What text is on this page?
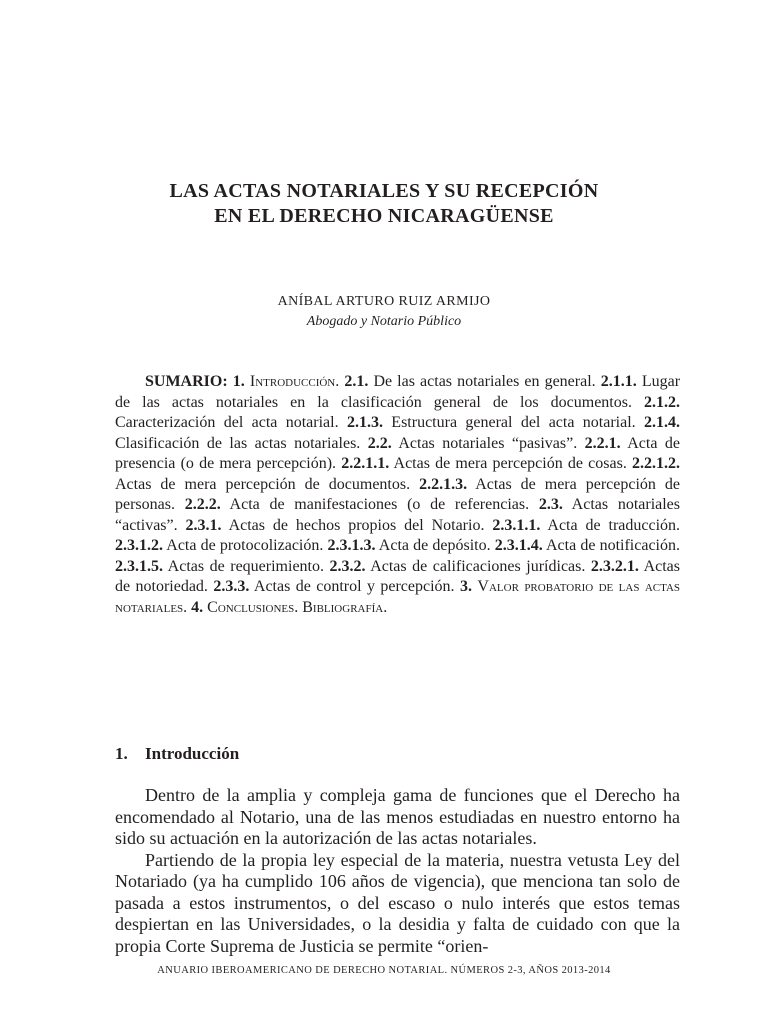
LAS ACTAS NOTARIALES Y SU RECEPCIÓN
EN EL DERECHO NICARAGÜENSE
ANÍBAL ARTURO RUIZ ARMIJO
Abogado y Notario Público
SUMARIO: 1. Introducción. 2.1. De las actas notariales en general. 2.1.1. Lugar de las actas notariales en la clasificación general de los documentos. 2.1.2. Caracterización del acta notarial. 2.1.3. Estructura general del acta notarial. 2.1.4. Clasificación de las actas notariales. 2.2. Actas notariales “pasivas”. 2.2.1. Acta de presencia (o de mera percepción). 2.2.1.1. Actas de mera percepción de cosas. 2.2.1.2. Actas de mera percepción de documentos. 2.2.1.3. Actas de mera percepción de personas. 2.2.2. Acta de manifestaciones (o de referencias. 2.3. Actas notariales “activas”. 2.3.1. Actas de hechos propios del Notario. 2.3.1.1. Acta de traducción. 2.3.1.2. Acta de protocolización. 2.3.1.3. Acta de depósito. 2.3.1.4. Acta de notificación. 2.3.1.5. Actas de requerimiento. 2.3.2. Actas de calificaciones jurídicas. 2.3.2.1. Actas de notoriedad. 2.3.3. Actas de control y percepción. 3. Valor probatorio de las actas notariales. 4. Conclusiones. Bibliografía.
1. Introducción

Dentro de la amplia y compleja gama de funciones que el Derecho ha encomendado al Notario, una de las menos estudiadas en nuestro entorno ha sido su actuación en la autorización de las actas notariales.

Partiendo de la propia ley especial de la materia, nuestra vetusta Ley del Notariado (ya ha cumplido 106 años de vigencia), que menciona tan solo de pasada a estos instrumentos, o del escaso o nulo interés que estos temas despiertan en las Universidades, o la desidia y falta de cuidado con que la propia Corte Suprema de Justicia se permite “orien-

ANUARIO IBEROAMERICANO DE DERECHO NOTARIAL. NÚMEROS 2-3, AÑOS 2013-2014
